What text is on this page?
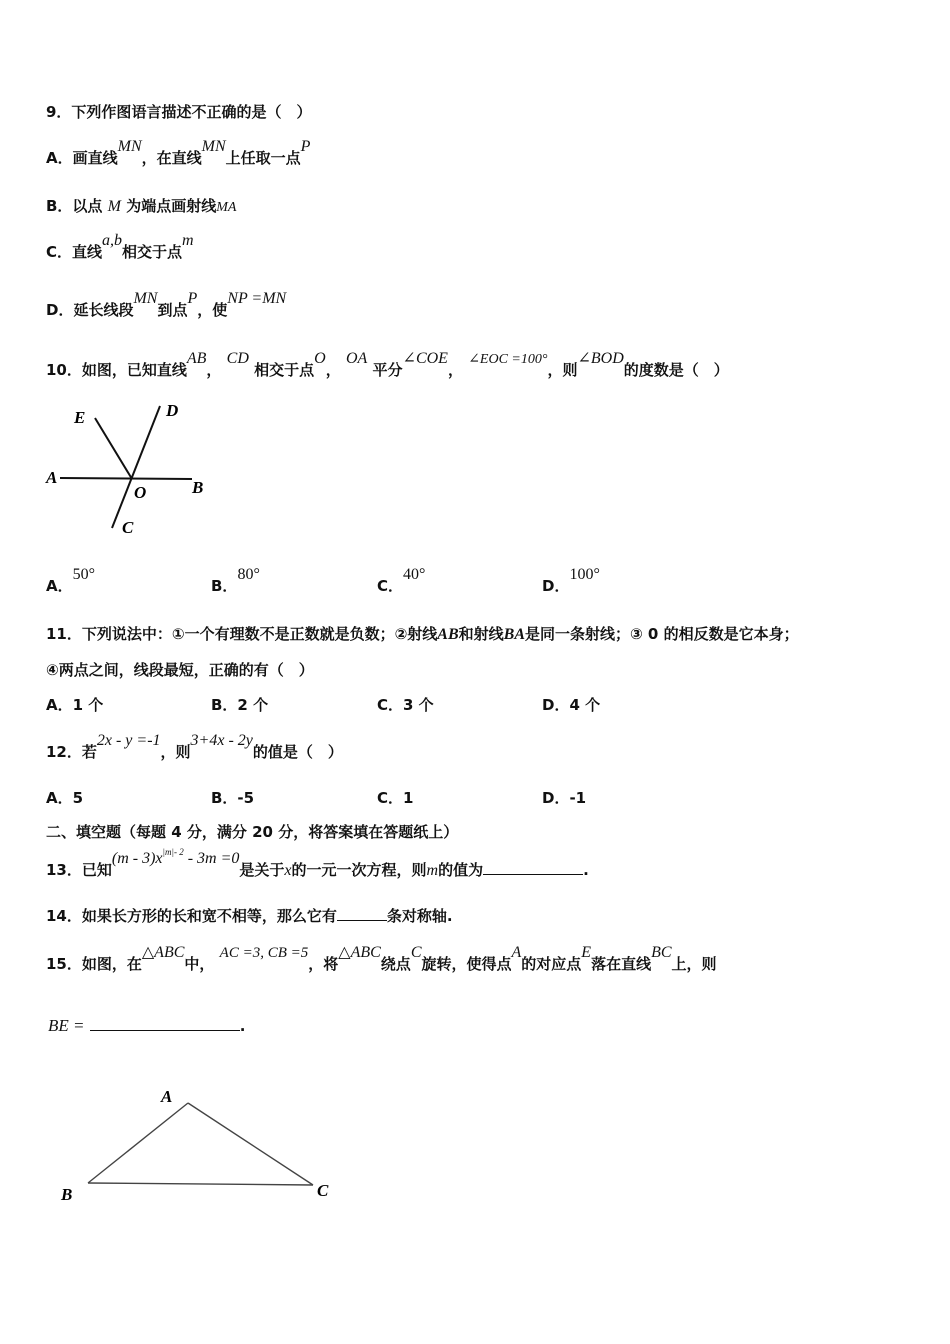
9．下列作图语言描述不正确的是（　）
A．画直线MN，在直线MN上任取一点P
B．以点 M 为端点画射线MA
C．直线a,b相交于点m
D．延长线段MN到点P，使NP =MN
10．如图，已知直线AB， CD 相交于点O， OA 平分∠COE， ∠EOC =100°，则∠BOD的度数是（　）
E	D
A
O	B
C
A．50°
B．80°
C．40°
D．100°
11．下列说法中：①一个有理数不是正数就是负数；②射线AB和射线BA是同一条射线；③ 0 的相反数是它本身；
④两点之间，线段最短，正确的有（　）
A．1 个	B．2 个	C．3 个	D．4 个
12．若2x - y =-1，则3+4x - 2y的值是（　）
A．5	B．-5	C．1	D．-1
二、填空题（每题 4 分，满分 20 分，将答案填在答题纸上）
13．已知$(m - 3)x^{|m|- 2} - 3m =0$是关于x的一元一次方程，则m的值为	.
14．如果长方形的长和宽不相等，那么它有	条对称轴.
15．如图，在△ABC中， AC =3, CB =5，将△ABC绕点C旋转，使得点A的对应点E落在直线BC上，则
BE =	.
A
B	C
